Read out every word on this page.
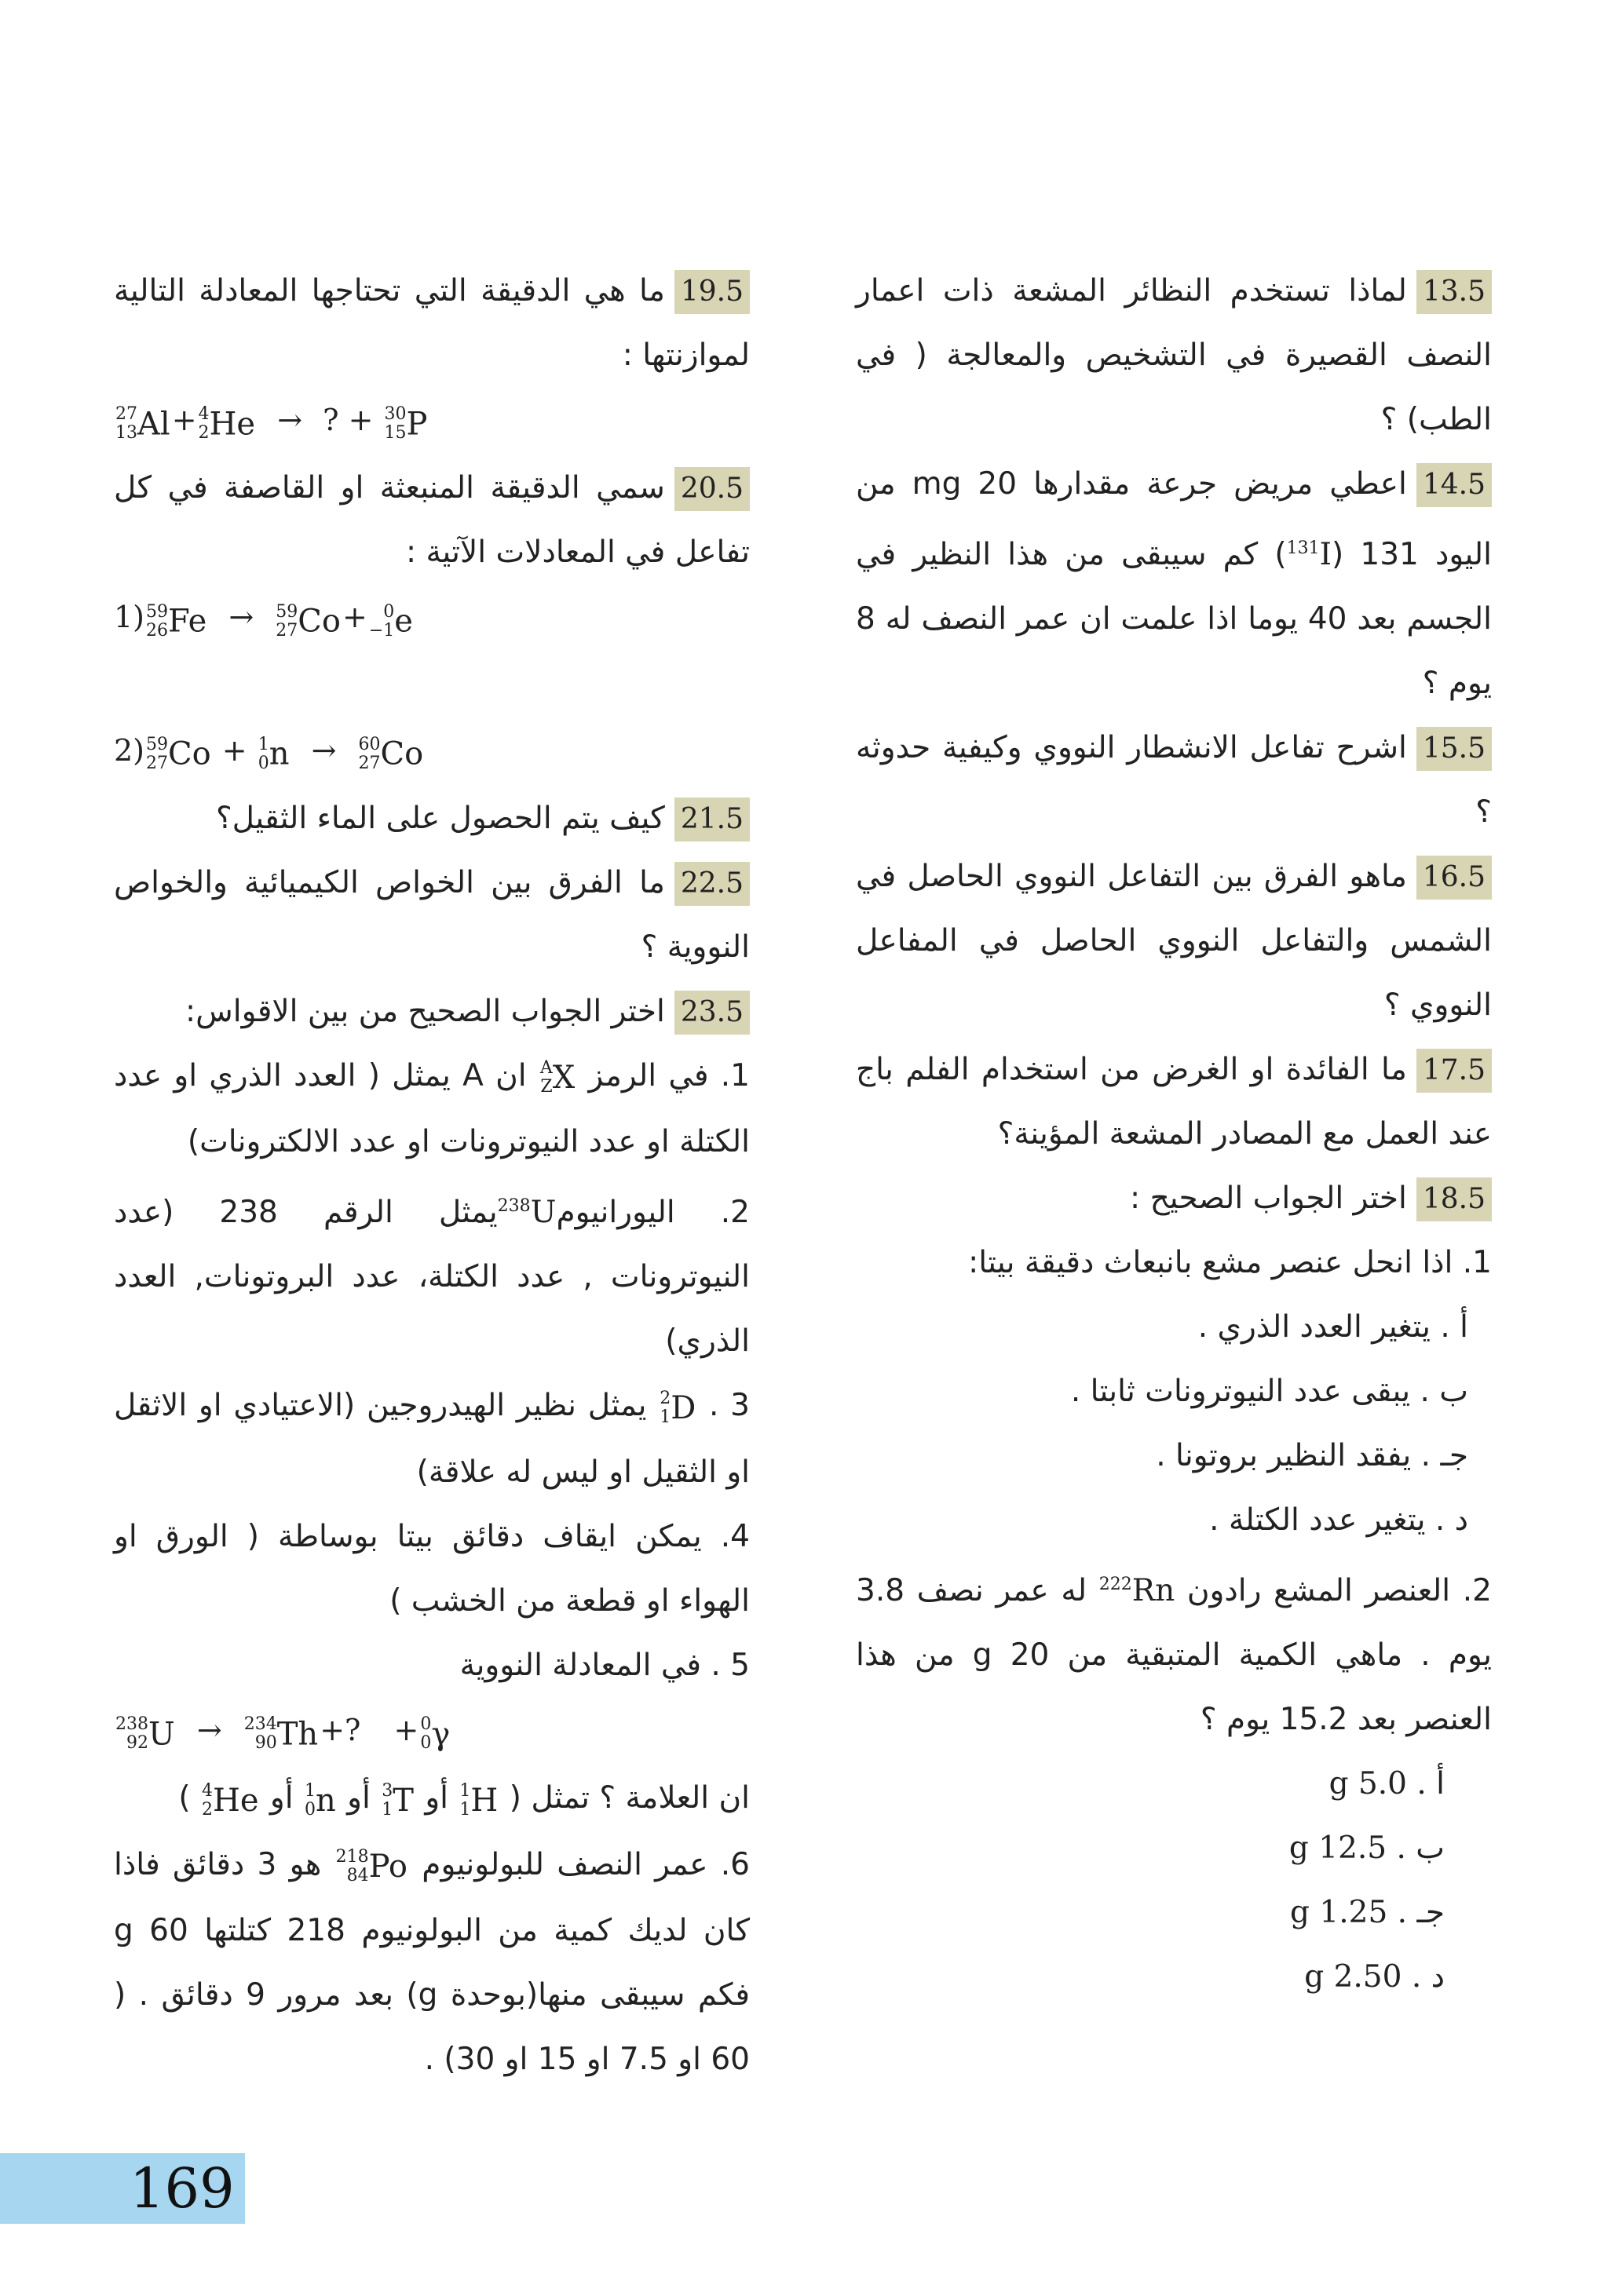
13.5لماذا تستخدم النظائر المشعة ذات اعمار النصف القصيرة في التشخيص والمعالجة ( في الطب) ؟
14.5اعطي مريض جرعة مقدارها 20 mg من اليود 131 ($^{131}$I) كم سيبقى من هذا النظير في الجسم بعد 40 يوما اذا علمت ان عمر النصف له 8 يوم ؟
15.5اشرح تفاعل الانشطار النووي وكيفية حدوثه ؟
16.5ماهو الفرق بين التفاعل النووي الحاصل في الشمس والتفاعل النووي الحاصل في المفاعل النووي ؟
17.5ما الفائدة او الغرض من استخدام الفلم باج عند العمل مع المصادر المشعة المؤينة؟
18.5اختر الجواب الصحيح :
1. اذا انحل عنصر مشع بانبعاث دقيقة بيتا:
أ . يتغير العدد الذري .
ب . يبقى عدد النيوترونات ثابتا .
جـ . يفقد النظير بروتونا .
د . يتغير عدد الكتلة .
2. العنصر المشع رادون $^{222}$Rn له عمر نصف 3.8 يوم . ماهي الكمية المتبقية من 20 g من هذا العنصر بعد 15.2 يوم ؟
أ . 5.0 g
ب . 12.5 g
جـ . 1.25 g
د . 2.50 g
19.5ما هي الدقيقة التي تحتاجها المعادلة التالية لموازنتها :
27
13 Al+ 4
2 He → ? + 30
15 P
20.5سمي الدقيقة المنبعثة او القاصفة في كل تفاعل في المعادلات الآتية :
1) 59
26 Fe → 59
27 Co+ 0
−1 e
2) 59
27 Co + 1
0 n → 60
27 Co
21.5كيف يتم الحصول على الماء الثقيل؟
22.5ما الفرق بين الخواص الكيميائية والخواص النووية ؟
23.5اختر الجواب الصحيح من بين الاقواس:
1. في الرمز
A
Z X ان A يمثل ( العدد الذري او عدد الكتلة او عدد النيوترونات او عدد الالكترونات)
2. اليورانيوم$^{238}$Uيمثل الرقم 238 (عدد النيوترونات , عدد الكتلة، عدد البروتونات, العدد الذري)
3 .
2
1 D يمثل نظير الهيدروجين (الاعتيادي او الاثقل او الثقيل او ليس له علاقة)
4. يمكن ايقاف دقائق بيتا بوساطة ( الورق او الهواء او قطعة من الخشب )
5 . في المعادلة النووية
238
92 U → 234
90 Th+? + 0
0 γ
ان العلامة ؟ تمثل (
1
1 H أو
3
1 T أو
1
0 n أو
4
2 He )
6. عمر النصف للبولونيوم
218
84 Po هو 3 دقائق فاذا كان لديك كمية من البولونيوم 218 كتلتها 60 g فكم سيبقى منها(بوحدة g) بعد مرور 9 دقائق . ( 60 او 7.5 او 15 او 30) .
169
